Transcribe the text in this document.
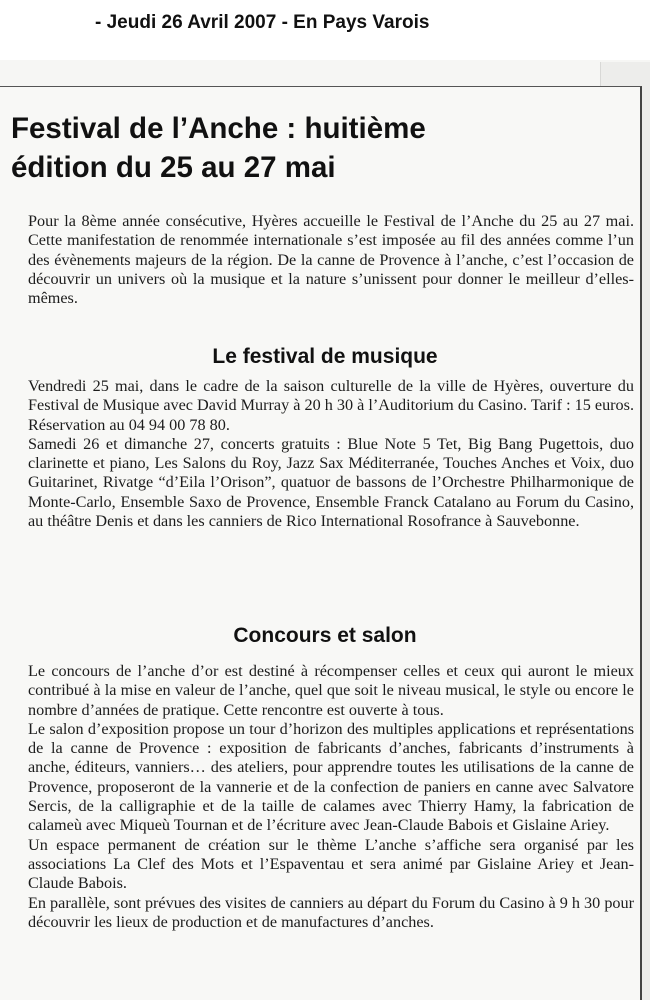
- Jeudi 26 Avril 2007 - En Pays Varois
Festival de l’Anche : huitième
édition du 25 au 27 mai

Pour la 8ème année consécutive, Hyères accueille le Festival de l’Anche du 25 au 27 mai. Cette manifestation de renommée internationale s’est imposée au fil des années comme l’un des évènements majeurs de la région. De la canne de Provence à l’anche, c’est l’occasion de découvrir un univers où la musique et la nature s’unissent pour donner le meilleur d’elles-mêmes.

Le festival de musique

Vendredi 25 mai, dans le cadre de la saison culturelle de la ville de Hyères, ouverture du Festival de Musique avec David Murray à 20 h 30 à l’Auditorium du Casino. Tarif : 15 euros. Réservation au 04 94 00 78 80.

Samedi 26 et dimanche 27, concerts gratuits : Blue Note 5 Tet, Big Bang Pugettois, duo clarinette et piano, Les Salons du Roy, Jazz Sax Méditerranée, Touches Anches et Voix, duo Guitarinet, Rivatge “d’Eila l’Orison”, quatuor de bassons de l’Orchestre Philharmonique de Monte-Carlo, Ensemble Saxo de Provence, Ensemble Franck Catalano au Forum du Casino, au théâtre Denis et dans les canniers de Rico International Rosofrance à Sauvebonne.

Concours et salon

Le concours de l’anche d’or est destiné à récompenser celles et ceux qui auront le mieux contribué à la mise en valeur de l’anche, quel que soit le niveau musical, le style ou encore le nombre d’années de pratique. Cette rencontre est ouverte à tous.

Le salon d’exposition propose un tour d’horizon des multiples applications et représentations de la canne de Provence : exposition de fabricants d’anches, fabricants d’instruments à anche, éditeurs, vanniers… des ateliers, pour apprendre toutes les utilisations de la canne de Provence, proposeront de la vannerie et de la confection de paniers en canne avec Salvatore Sercis, de la calligraphie et de la taille de calames avec Thierry Hamy, la fabrication de calameù avec Miqueù Tournan et de l’écriture avec Jean-Claude Babois et Gislaine Ariey.

Un espace permanent de création sur le thème L’anche s’affiche sera organisé par les associations La Clef des Mots et l’Espaventau et sera animé par Gislaine Ariey et Jean-Claude Babois.

En parallèle, sont prévues des visites de canniers au départ du Forum du Casino à 9 h 30 pour découvrir les lieux de production et de manufactures d’anches.
